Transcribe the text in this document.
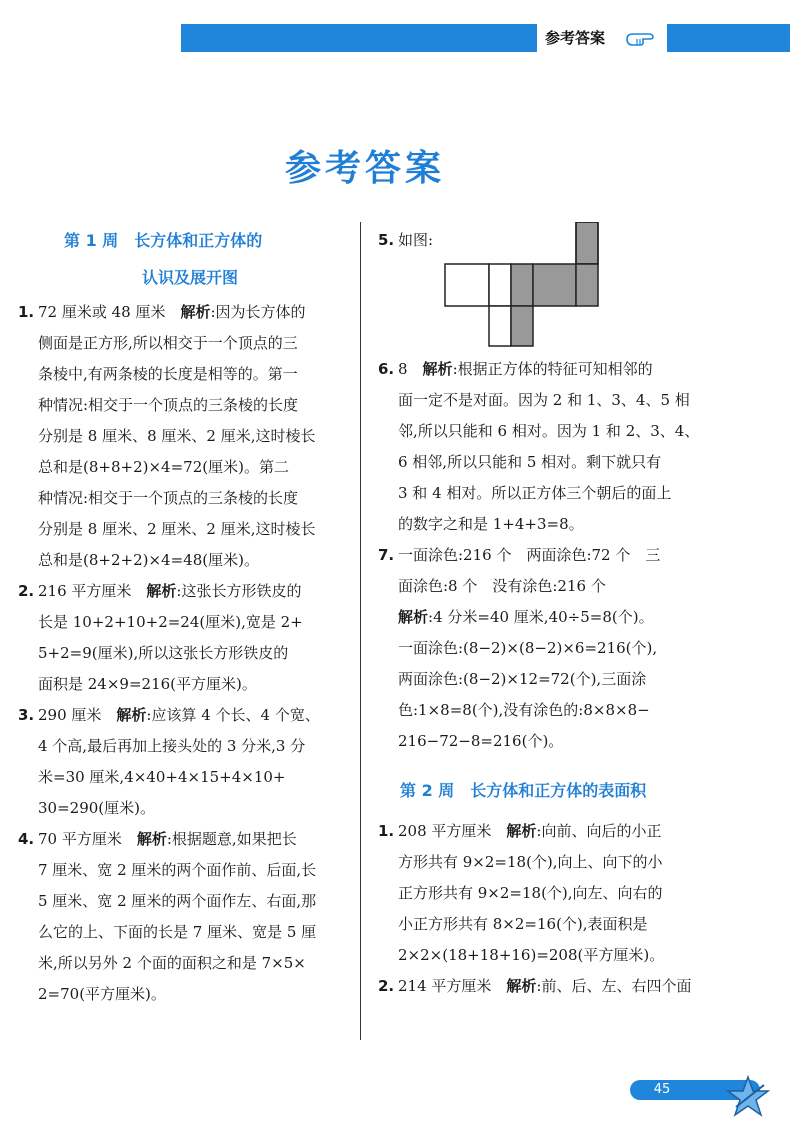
参考答案
参考答案
第 1 周　长方体和正方体的
认识及展开图
1. 72 厘米或 48 厘米　解析:因为长方体的
侧面是正方形,所以相交于一个顶点的三
条棱中,有两条棱的长度是相等的。第一
种情况:相交于一个顶点的三条棱的长度
分别是 8 厘米、8 厘米、2 厘米,这时棱长
总和是(8+8+2)×4=72(厘米)。第二
种情况:相交于一个顶点的三条棱的长度
分别是 8 厘米、2 厘米、2 厘米,这时棱长
总和是(8+2+2)×4=48(厘米)。
2. 216 平方厘米　解析:这张长方形铁皮的
长是 10+2+10+2=24(厘米),宽是 2+
5+2=9(厘米),所以这张长方形铁皮的
面积是 24×9=216(平方厘米)。
3. 290 厘米　解析:应该算 4 个长、4 个宽、
4 个高,最后再加上接头处的 3 分米,3 分
米=30 厘米,4×40+4×15+4×10+
30=290(厘米)。
4. 70 平方厘米　解析:根据题意,如果把长
7 厘米、宽 2 厘米的两个面作前、后面,长
5 厘米、宽 2 厘米的两个面作左、右面,那
么它的上、下面的长是 7 厘米、宽是 5 厘
米,所以另外 2 个面的面积之和是 7×5×
2=70(平方厘米)。
5. 如图:
6. 8　解析:根据正方体的特征可知相邻的
面一定不是对面。因为 2 和 1、3、4、5 相
邻,所以只能和 6 相对。因为 1 和 2、3、4、
6 相邻,所以只能和 5 相对。剩下就只有
3 和 4 相对。所以正方体三个朝后的面上
的数字之和是 1+4+3=8。
7. 一面涂色:216 个　两面涂色:72 个　三
面涂色:8 个　没有涂色:216 个
解析:4 分米=40 厘米,40÷5=8(个)。
一面涂色:(8−2)×(8−2)×6=216(个),
两面涂色:(8−2)×12=72(个),三面涂
色:1×8=8(个),没有涂色的:8×8×8−
216−72−8=216(个)。
第 2 周　长方体和正方体的表面积
1. 208 平方厘米　解析:向前、向后的小正
方形共有 9×2=18(个),向上、向下的小
正方形共有 9×2=18(个),向左、向右的
小正方形共有 8×2=16(个),表面积是
2×2×(18+18+16)=208(平方厘米)。
2. 214 平方厘米　解析:前、后、左、右四个面
45
